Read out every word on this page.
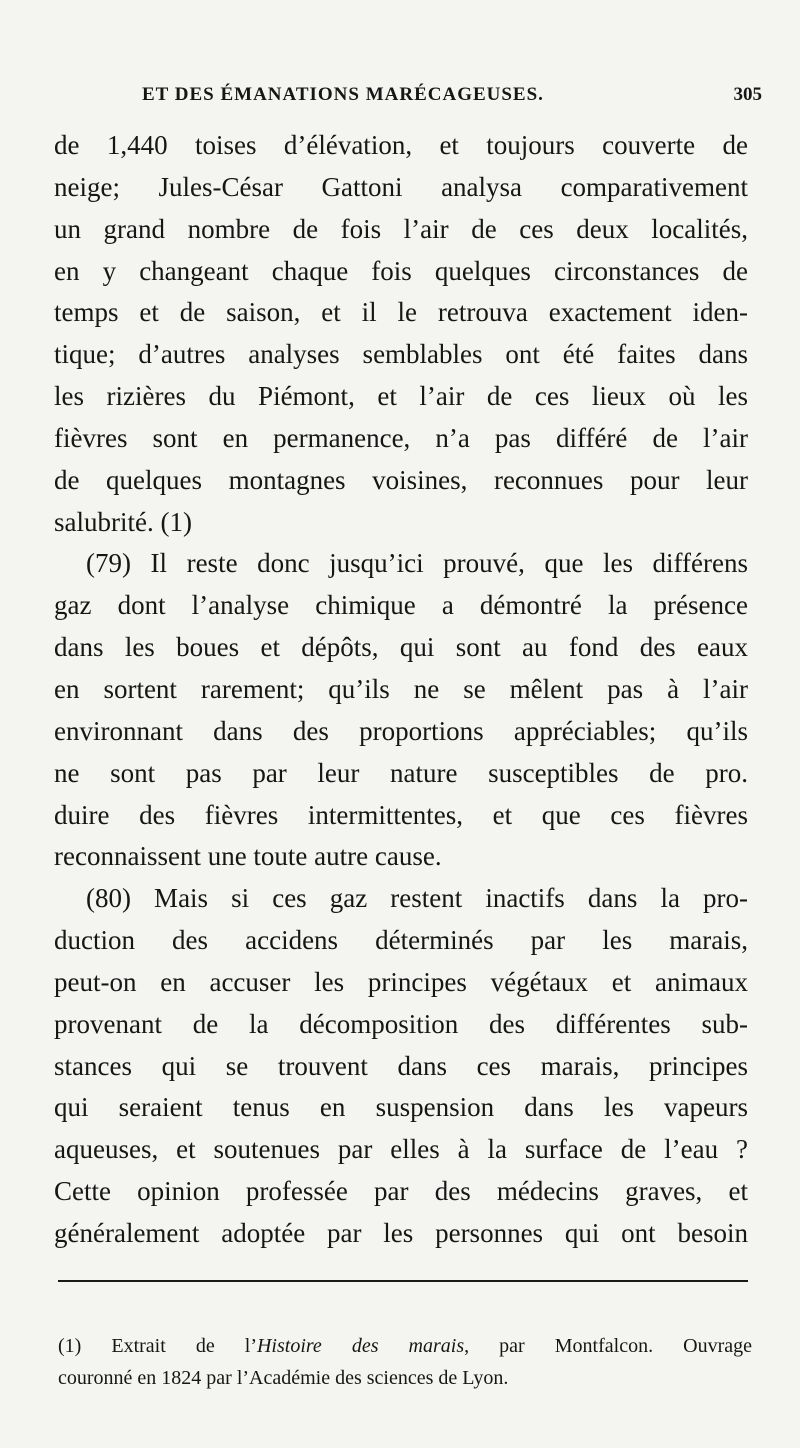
ET DES ÉMANATIONS MARÉCAGEUSES.	305
de 1,440 toises d’élévation, et toujours couverte de
neige; Jules-César Gattoni analysa comparativement
un grand nombre de fois l’air de ces deux localités,
en y changeant chaque fois quelques circonstances de
temps et de saison, et il le retrouva exactement iden-
tique; d’autres analyses semblables ont été faites dans
les rizières du Piémont, et l’air de ces lieux où les
fièvres sont en permanence, n’a pas différé de l’air
de quelques montagnes voisines, reconnues pour leur
salubrité. (1)
(79) Il reste donc jusqu’ici prouvé, que les différens
gaz dont l’analyse chimique a démontré la présence
dans les boues et dépôts, qui sont au fond des eaux
en sortent rarement; qu’ils ne se mêlent pas à l’air
environnant dans des proportions appréciables; qu’ils
ne sont pas par leur nature susceptibles de pro.
duire des fièvres intermittentes, et que ces fièvres
reconnaissent une toute autre cause.
(80) Mais si ces gaz restent inactifs dans la pro-
duction des accidens déterminés par les marais,
peut-on en accuser les principes végétaux et animaux
provenant de la décomposition des différentes sub-
stances qui se trouvent dans ces marais, principes
qui seraient tenus en suspension dans les vapeurs
aqueuses, et soutenues par elles à la surface de l’eau ?
Cette opinion professée par des médecins graves, et
généralement adoptée par les personnes qui ont besoin
(1) Extrait de l’Histoire des marais, par Montfalcon. Ouvrage
couronné en 1824 par l’Académie des sciences de Lyon.
